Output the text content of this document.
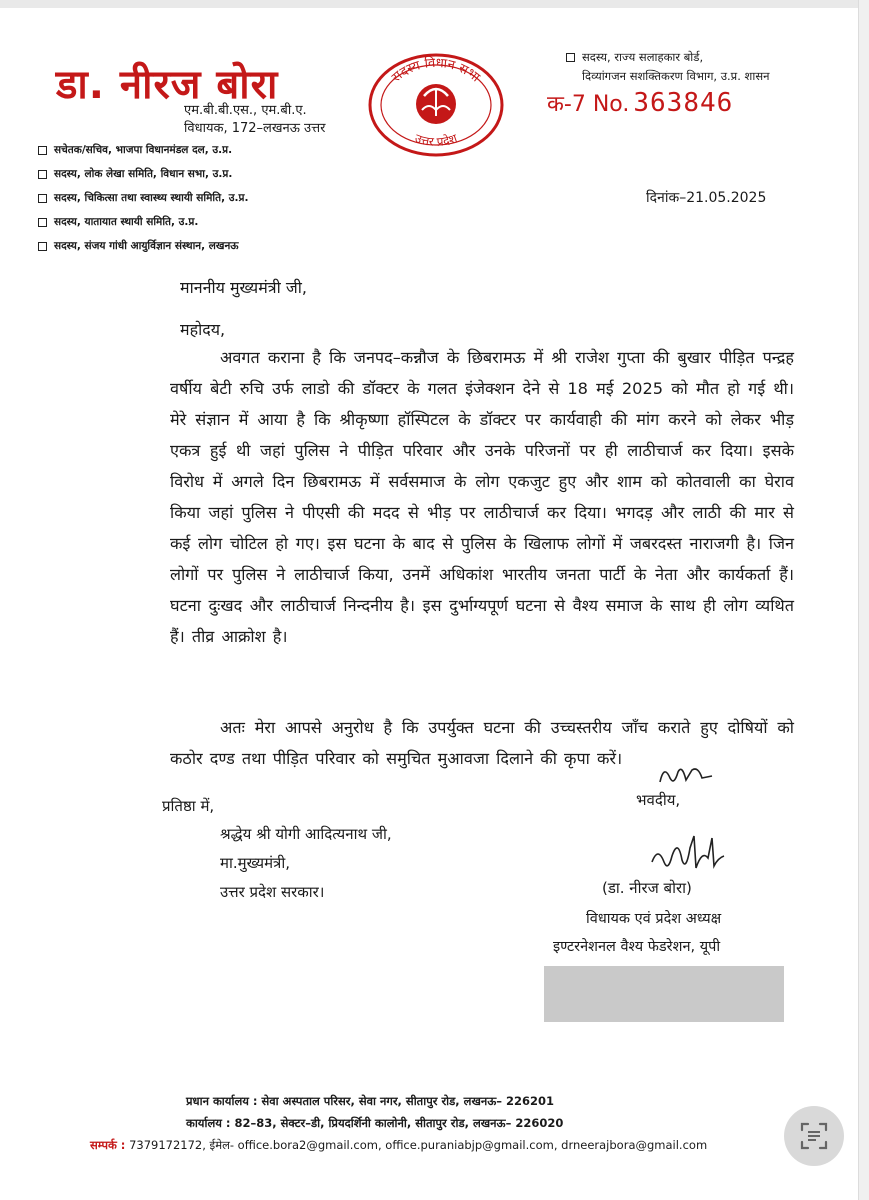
डा. नीरज बोरा
एम.बी.बी.एस., एम.बी.ए.
विधायक, 172–लखनऊ उत्तर
सचेतक/सचिव, भाजपा विधानमंडल दल, उ.प्र.
सदस्य, लोक लेखा समिति, विधान सभा, उ.प्र.
सदस्य, चिकित्सा तथा स्वास्थ्य स्थायी समिति, उ.प्र.
सदस्य, यातायात स्थायी समिति, उ.प्र.
सदस्य, संजय गांधी आयुर्विज्ञान संस्थान, लखनऊ
सदस्य विधान सभा
उत्तर प्रदेश
सदस्य, राज्य सलाहकार बोर्ड,
दिव्यांगजन सशक्तिकरण विभाग, उ.प्र. शासन
क-7 No. 363846
दिनांक–21.05.2025
माननीय मुख्यमंत्री जी,
महोदय,

अवगत कराना है कि जनपद–कन्नौज के छिबरामऊ में श्री राजेश गुप्ता की बुखार पीड़ित पन्द्रह वर्षीय बेटी रुचि उर्फ लाडो की डॉक्टर के गलत इंजेक्शन देने से 18 मई 2025 को मौत हो गई थी। मेरे संज्ञान में आया है कि श्रीकृष्णा हॉस्पिटल के डॉक्टर पर कार्यवाही की मांग करने को लेकर भीड़ एकत्र हुई थी जहां पुलिस ने पीड़ित परिवार और उनके परिजनों पर ही लाठीचार्ज कर दिया। इसके विरोध में अगले दिन छिबरामऊ में सर्वसमाज के लोग एकजुट हुए और शाम को कोतवाली का घेराव किया जहां पुलिस ने पीएसी की मदद से भीड़ पर लाठीचार्ज कर दिया। भगदड़ और लाठी की मार से कई लोग चोटिल हो गए। इस घटना के बाद से पुलिस के खिलाफ लोगों में जबरदस्त नाराजगी है। जिन लोगों पर पुलिस ने लाठीचार्ज किया, उनमें अधिकांश भारतीय जनता पार्टी के नेता और कार्यकर्ता हैं। घटना दुःखद और लाठीचार्ज निन्दनीय है। इस दुर्भाग्यपूर्ण घटना से वैश्य समाज के साथ ही लोग व्यथित हैं। तीव्र आक्रोश है।

अतः मेरा आपसे अनुरोध है कि उपर्युक्त घटना की उच्चस्तरीय जाँच कराते हुए दोषियों को कठोर दण्ड तथा पीड़ित परिवार को समुचित मुआवजा दिलाने की कृपा करें।

भवदीय,
प्रतिष्ठा में,
श्रद्धेय श्री योगी आदित्यनाथ जी,
मा.मुख्यमंत्री,
उत्तर प्रदेश सरकार।	(डा. नीरज बोरा)
विधायक एवं प्रदेश अध्यक्ष
इण्टरनेशनल वैश्य फेडरेशन, यूपी
प्रधान कार्यालय : सेवा अस्पताल परिसर, सेवा नगर, सीतापुर रोड, लखनऊ– 226201
कार्यालय : 82–83, सेक्टर–डी, प्रियदर्शिनी कालोनी, सीतापुर रोड, लखनऊ– 226020
सम्पर्क : 7379172172, ईमेल- office.bora2@gmail.com, office.puraniabjp@gmail.com, drneerajbora@gmail.com
